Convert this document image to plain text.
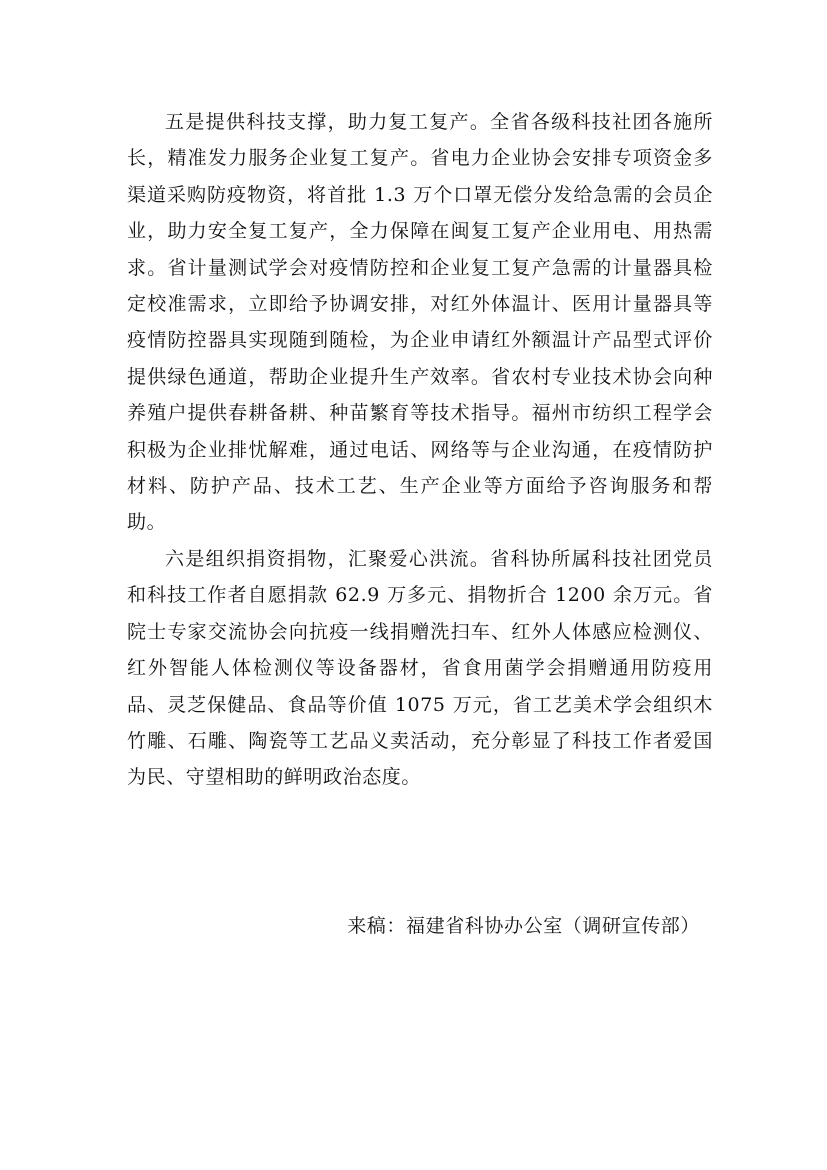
五是提供科技支撑，助力复工复产。全省各级科技社团各施所长，精准发力服务企业复工复产。省电力企业协会安排专项资金多渠道采购防疫物资，将首批 1.3 万个口罩无偿分发给急需的会员企业，助力安全复工复产，全力保障在闽复工复产企业用电、用热需求。省计量测试学会对疫情防控和企业复工复产急需的计量器具检定校准需求，立即给予协调安排，对红外体温计、医用计量器具等疫情防控器具实现随到随检，为企业申请红外额温计产品型式评价提供绿色通道，帮助企业提升生产效率。省农村专业技术协会向种养殖户提供春耕备耕、种苗繁育等技术指导。福州市纺织工程学会积极为企业排忧解难，通过电话、网络等与企业沟通，在疫情防护材料、防护产品、技术工艺、生产企业等方面给予咨询服务和帮助。

六是组织捐资捐物，汇聚爱心洪流。省科协所属科技社团党员和科技工作者自愿捐款 62.9 万多元、捐物折合 1200 余万元。省院士专家交流协会向抗疫一线捐赠洗扫车、红外人体感应检测仪、红外智能人体检测仪等设备器材，省食用菌学会捐赠通用防疫用品、灵芝保健品、食品等价值 1075 万元，省工艺美术学会组织木竹雕、石雕、陶瓷等工艺品义卖活动，充分彰显了科技工作者爱国为民、守望相助的鲜明政治态度。

来稿：福建省科协办公室（调研宣传部）
